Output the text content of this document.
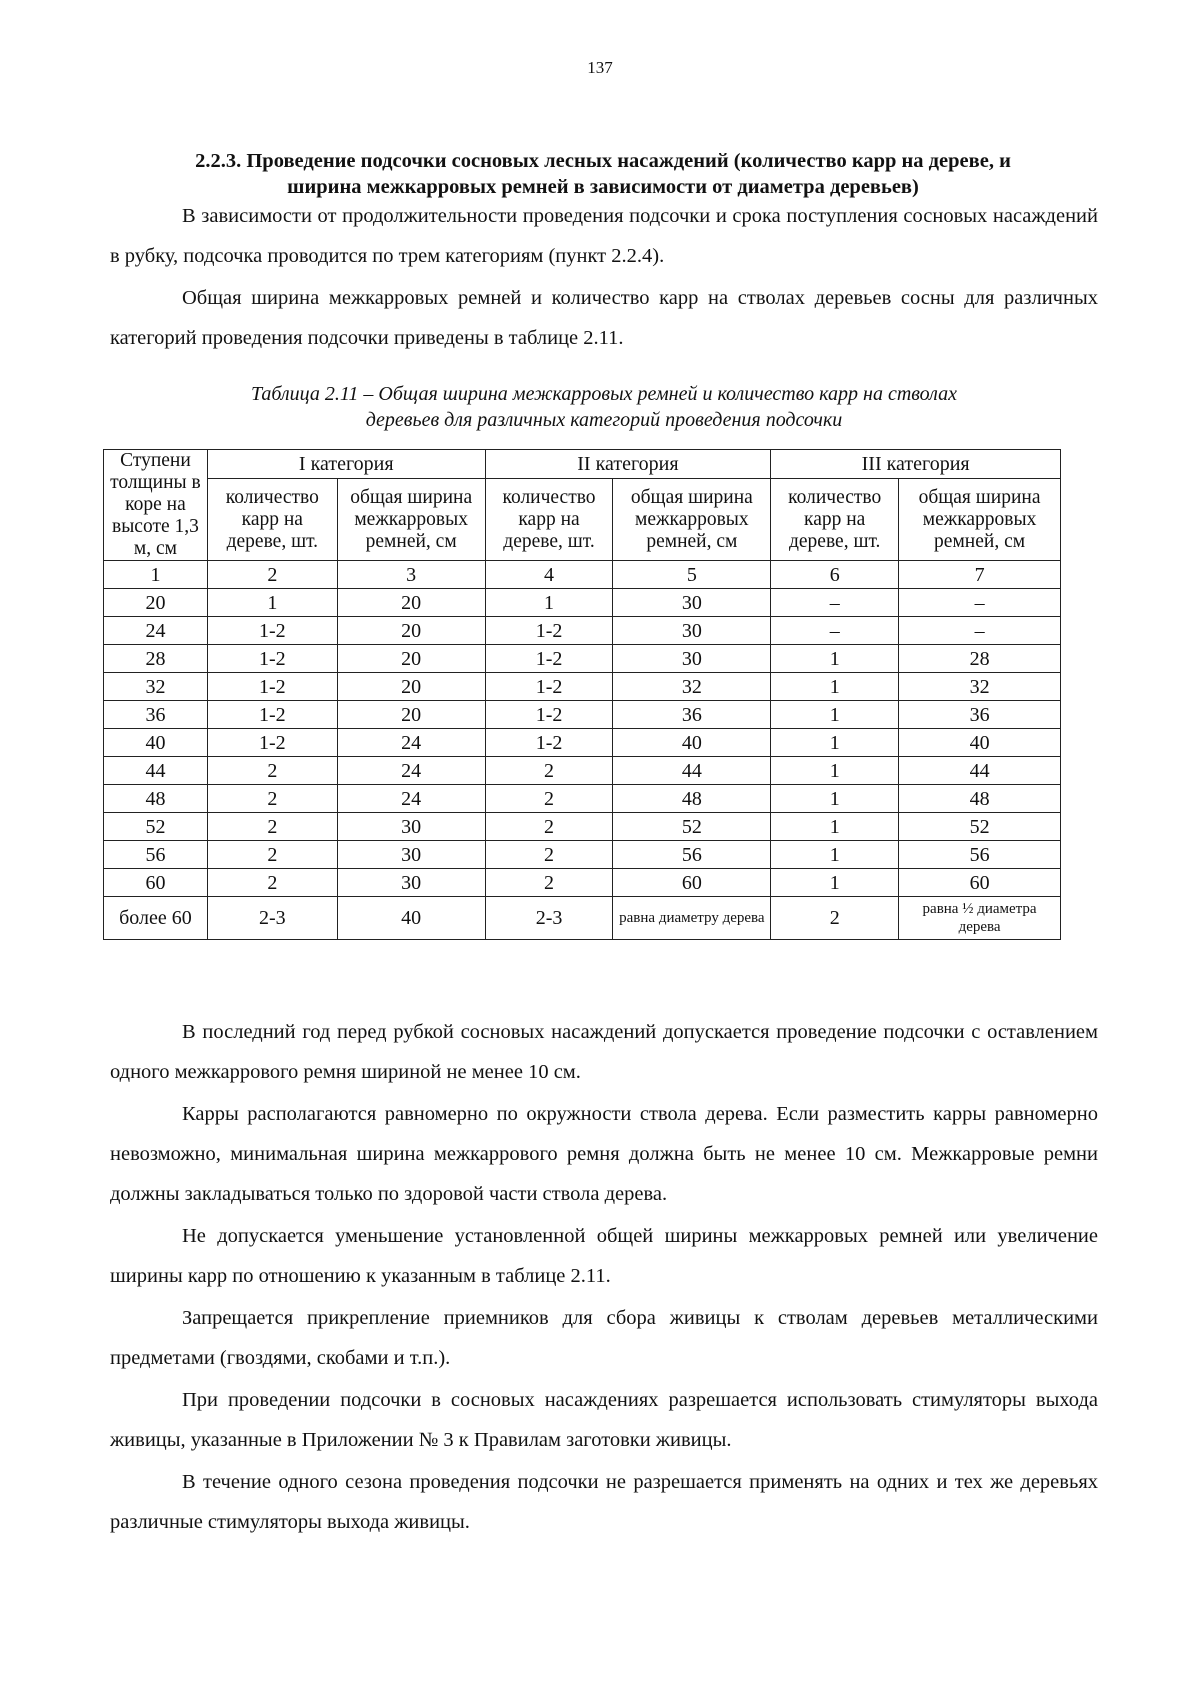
137
2.2.3. Проведение подсочки сосновых лесных насаждений (количество карр на дереве, и
ширина межкарровых ремней в зависимости от диаметра деревьев)

В зависимости от продолжительности проведения подсочки и срока поступления сосновых насаждений в рубку, подсочка проводится по трем категориям (пункт 2.2.4).

Общая ширина межкарровых ремней и количество карр на стволах деревьев сосны для различных категорий проведения подсочки приведены в таблице 2.11.

Таблица 2.11 – Общая ширина межкарровых ремней и количество карр на стволах
деревьев для различных категорий проведения подсочки
Ступени толщины в коре на высоте 1,3 м, см	I категория		II категория		III категория	
	количество карр на дереве, шт.	общая ширина межкарровых ремней, см	количество карр на дереве, шт.	общая ширина межкарровых ремней, см	количество карр на дереве, шт.	общая ширина межкарровых ремней, см
1	2	3	4	5	6	7
20	1	20	1	30	–	–
24	1-2	20	1-2	30	–	–
28	1-2	20	1-2	30	1	28
32	1-2	20	1-2	32	1	32
36	1-2	20	1-2	36	1	36
40	1-2	24	1-2	40	1	40
44	2	24	2	44	1	44
48	2	24	2	48	1	48
52	2	30	2	52	1	52
56	2	30	2	56	1	56
60	2	30	2	60	1	60
более 60	2-3	40	2-3	равна диаметру дерева	2	равна ½ диаметра дерева

В последний год перед рубкой сосновых насаждений допускается проведение подсочки с оставлением одного межкаррового ремня шириной не менее 10 см.

Карры располагаются равномерно по окружности ствола дерева. Если разместить карры равномерно невозможно, минимальная ширина межкаррового ремня должна быть не менее 10 см. Межкарровые ремни должны закладываться только по здоровой части ствола дерева.

Не допускается уменьшение установленной общей ширины межкарровых ремней или увеличение ширины карр по отношению к указанным в таблице 2.11.

Запрещается прикрепление приемников для сбора живицы к стволам деревьев металлическими предметами (гвоздями, скобами и т.п.).

При проведении подсочки в сосновых насаждениях разрешается использовать стимуляторы выхода живицы, указанные в Приложении № 3 к Правилам заготовки живицы.

В течение одного сезона проведения подсочки не разрешается применять на одних и тех же деревьях различные стимуляторы выхода живицы.
